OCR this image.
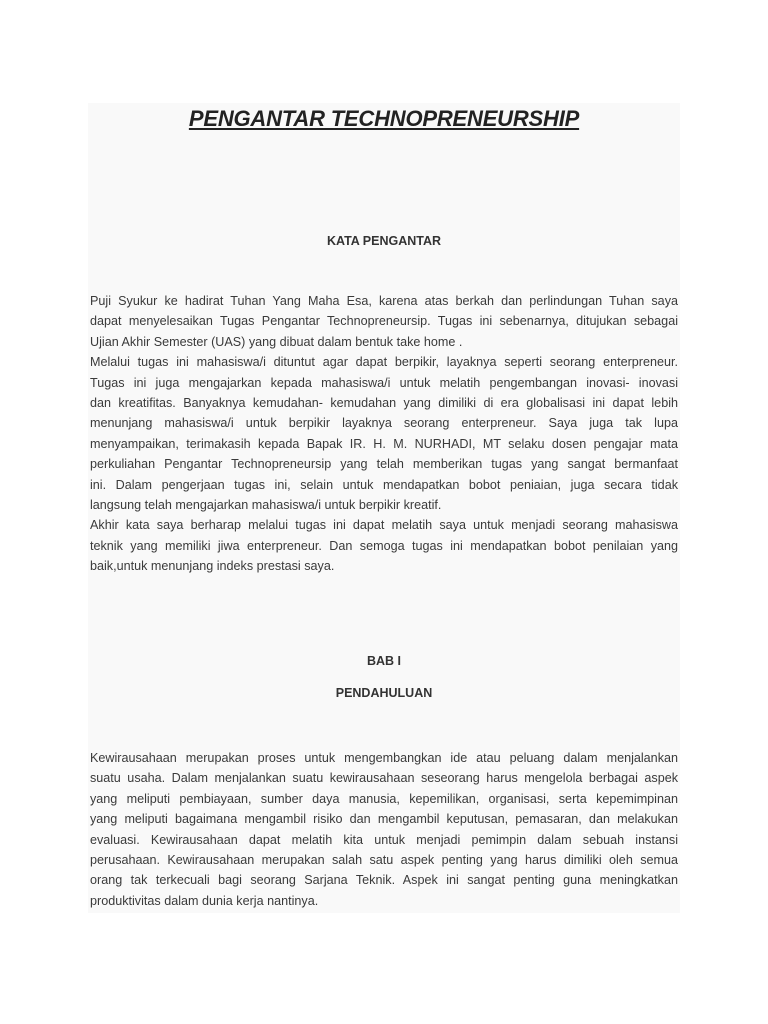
PENGANTAR TECHNOPRENEURSHIP
KATA PENGANTAR
Puji Syukur ke hadirat Tuhan Yang Maha Esa, karena atas berkah dan perlindungan Tuhan saya
dapat menyelesaikan Tugas Pengantar Technopreneursip. Tugas ini sebenarnya, ditujukan sebagai
Ujian Akhir Semester (UAS) yang dibuat dalam bentuk take home .
Melalui tugas ini mahasiswa/i dituntut agar dapat berpikir, layaknya seperti seorang enterpreneur.
Tugas ini juga mengajarkan kepada mahasiswa/i untuk melatih pengembangan inovasi- inovasi
dan kreatifitas. Banyaknya kemudahan- kemudahan yang dimiliki di era globalisasi ini dapat lebih
menunjang mahasiswa/i untuk berpikir layaknya seorang enterpreneur. Saya juga tak lupa
menyampaikan, terimakasih kepada Bapak IR. H. M. NURHADI, MT selaku dosen pengajar mata
perkuliahan Pengantar Technopreneursip yang telah memberikan tugas yang sangat bermanfaat
ini. Dalam pengerjaan tugas ini, selain untuk mendapatkan bobot peniaian, juga secara tidak
langsung telah mengajarkan mahasiswa/i untuk berpikir kreatif.
Akhir kata saya berharap melalui tugas ini dapat melatih saya untuk menjadi seorang mahasiswa
teknik yang memiliki jiwa enterpreneur. Dan semoga tugas ini mendapatkan bobot penilaian yang
baik,untuk menunjang indeks prestasi saya.
BAB I
PENDAHULUAN
Kewirausahaan merupakan proses untuk mengembangkan ide atau peluang dalam menjalankan
suatu usaha. Dalam menjalankan suatu kewirausahaan seseorang harus mengelola berbagai aspek
yang meliputi pembiayaan, sumber daya manusia, kepemilikan, organisasi, serta kepemimpinan
yang meliputi bagaimana mengambil risiko dan mengambil keputusan, pemasaran, dan melakukan
evaluasi. Kewirausahaan dapat melatih kita untuk menjadi pemimpin dalam sebuah instansi
perusahaan. Kewirausahaan merupakan salah satu aspek penting yang harus dimiliki oleh semua
orang tak terkecuali bagi seorang Sarjana Teknik. Aspek ini sangat penting guna meningkatkan
produktivitas dalam dunia kerja nantinya.
